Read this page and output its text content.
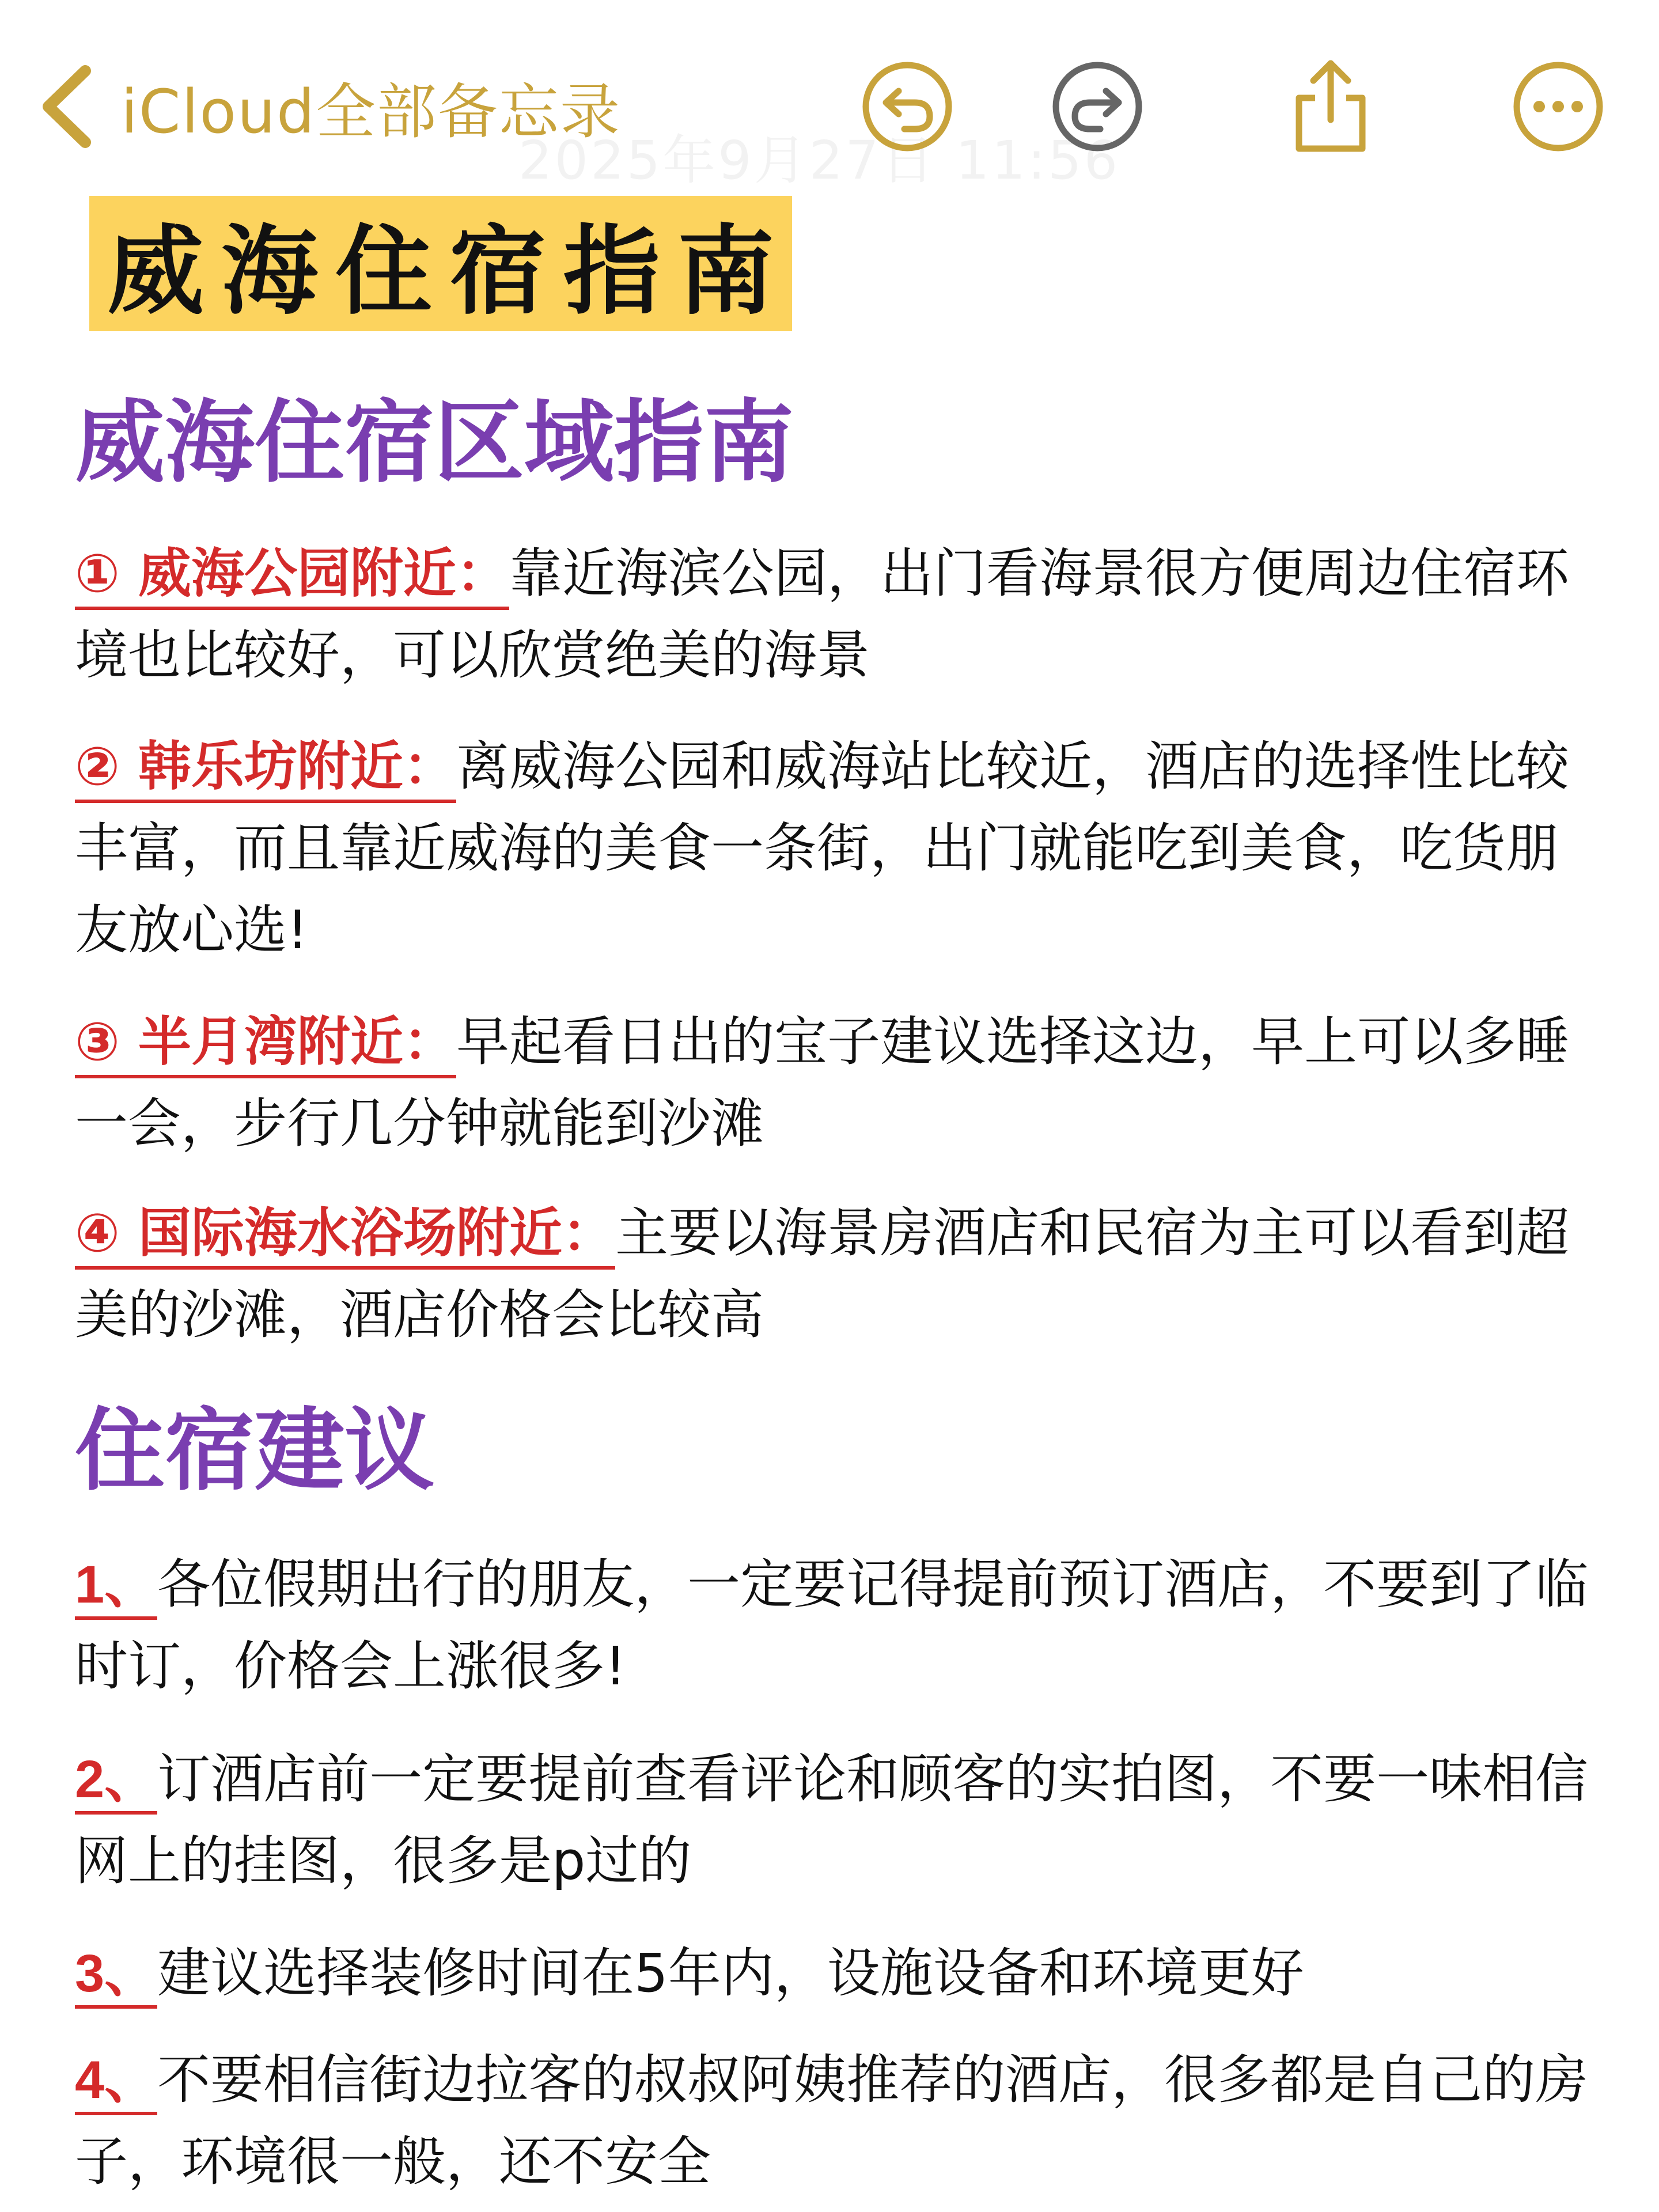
iCloud全部备忘录
2025年9月27日 11:56
威海住宿指南
威海住宿区域指南
① 威海公园附近：靠近海滨公园，出门看海景很方便周边住宿环境也比较好，可以欣赏绝美的海景
② 韩乐坊附近：离威海公园和威海站比较近，酒店的选择性比较丰富，而且靠近威海的美食一条街，出门就能吃到美食，吃货朋友放心选!
③ 半月湾附近：早起看日出的宝子建议选择这边，早上可以多睡一会，步行几分钟就能到沙滩
④ 国际海水浴场附近：主要以海景房酒店和民宿为主可以看到超美的沙滩，酒店价格会比较高
住宿建议
1、各位假期出行的朋友，一定要记得提前预订酒店，不要到了临时订，价格会上涨很多!
2、订酒店前一定要提前查看评论和顾客的实拍图，不要一味相信网上的挂图，很多是p过的
3、建议选择装修时间在5年内，设施设备和环境更好
4、不要相信街边拉客的叔叔阿姨推荐的酒店，很多都是自己的房子，环境很一般，还不安全
